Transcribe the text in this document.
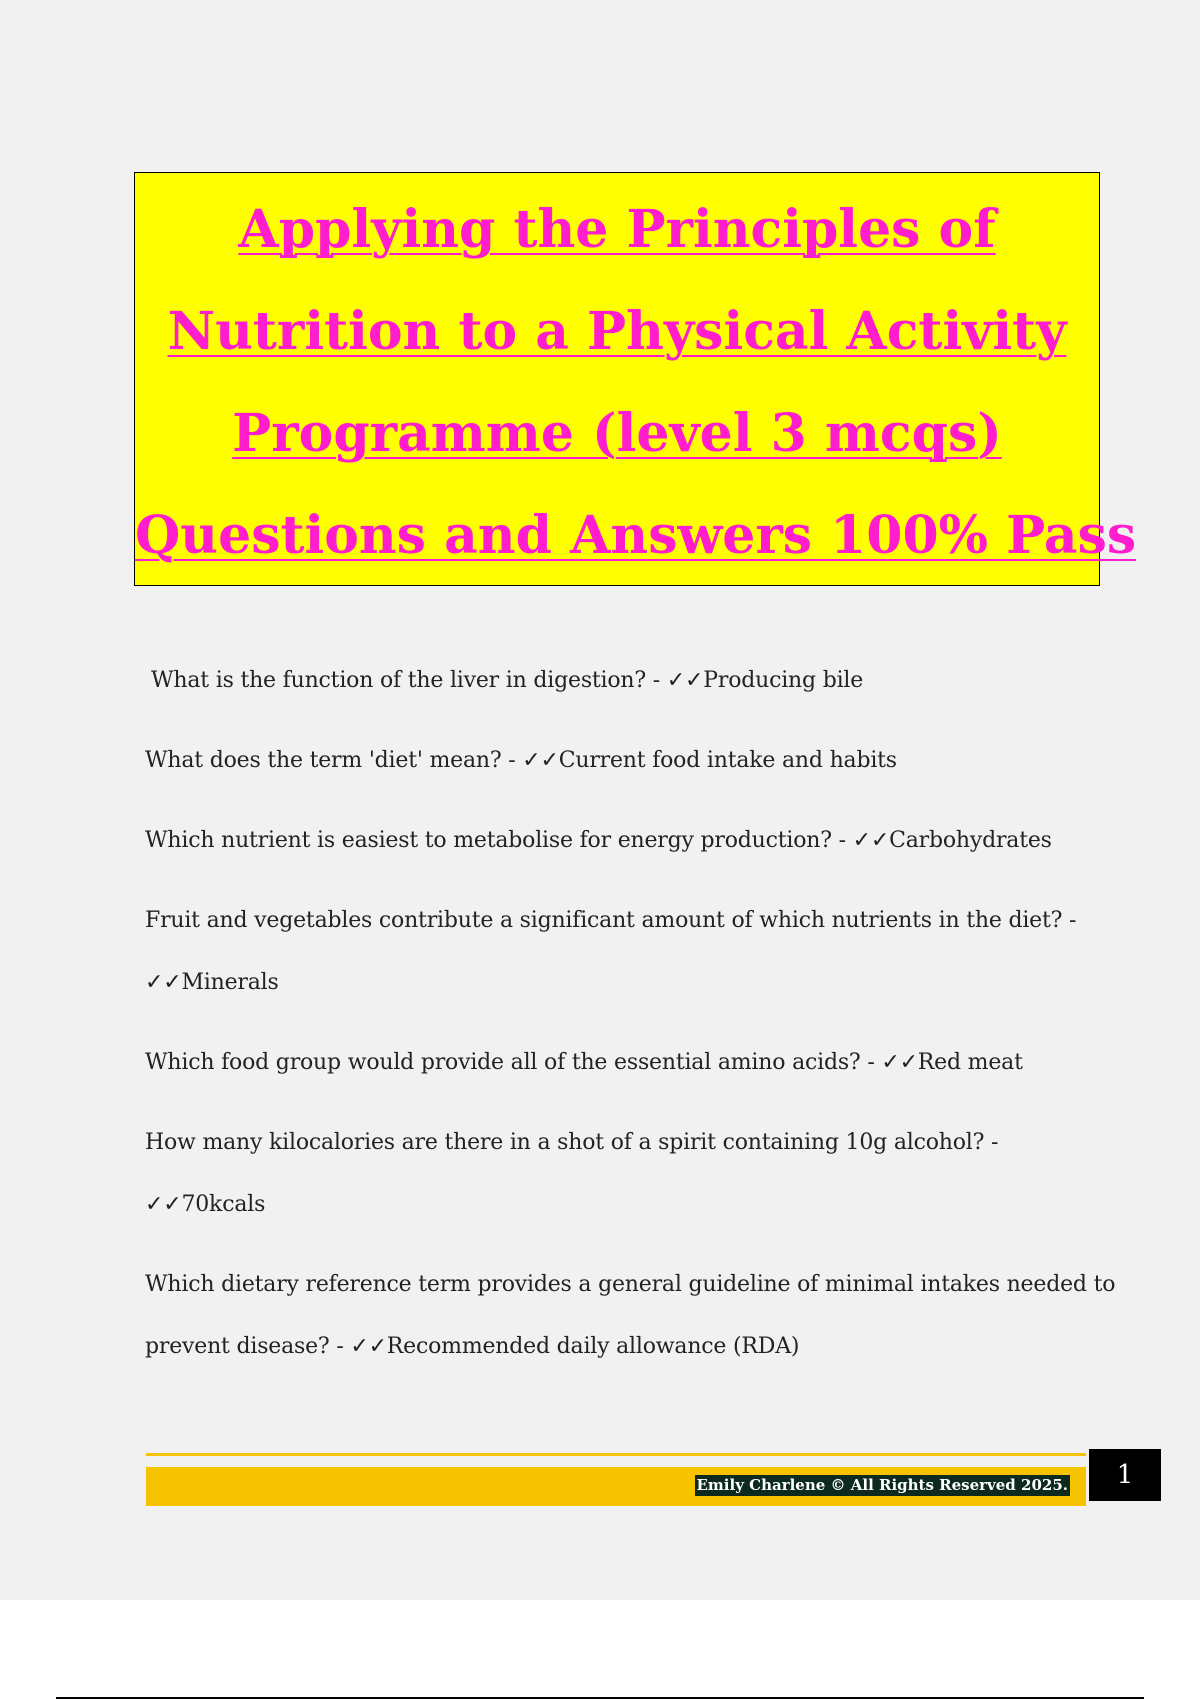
Applying the Principles of
Nutrition to a Physical Activity
Programme (level 3 mcqs)
Questions and Answers 100% Pass
What is the function of the liver in digestion? - ✓✓Producing bile
What does the term 'diet' mean? - ✓✓Current food intake and habits
Which nutrient is easiest to metabolise for energy production? - ✓✓Carbohydrates
Fruit and vegetables contribute a significant amount of which nutrients in the diet? -
✓✓Minerals
Which food group would provide all of the essential amino acids? - ✓✓Red meat
How many kilocalories are there in a shot of a spirit containing 10g alcohol? -
✓✓70kcals
Which dietary reference term provides a general guideline of minimal intakes needed to
prevent disease? - ✓✓Recommended daily allowance (RDA)
Emily Charlene © All Rights Reserved 2025.	1
